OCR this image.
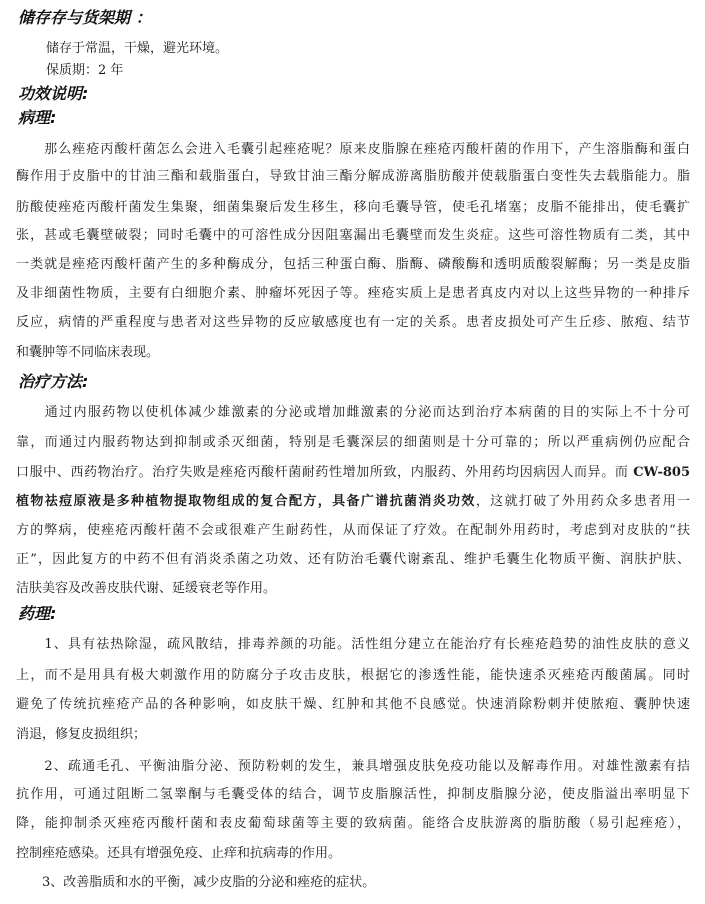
储存存与货架期 ：

储存于常温，干燥，避光环境。

保质期：2 年

功效说明:
病理:

　　那么痤疮丙酸杆菌怎么会进入毛囊引起痤疮呢？原来皮脂腺在痤疮丙酸杆菌的作用下，产生溶脂酶和蛋白

酶作用于皮脂中的甘油三酯和载脂蛋白，导致甘油三酯分解成游离脂肪酸并使载脂蛋白变性失去载脂能力。脂

肪酸使痤疮丙酸杆菌发生集聚，细菌集聚后发生移生，移向毛囊导管，使毛孔堵塞；皮脂不能排出，使毛囊扩

张，甚或毛囊壁破裂；同时毛囊中的可溶性成分因阻塞漏出毛囊壁而发生炎症。这些可溶性物质有二类，其中

一类就是痤疮丙酸杆菌产生的多种酶成分，包括三种蛋白酶、脂酶、磷酸酶和透明质酸裂解酶；另一类是皮脂

及非细菌性物质，主要有白细胞介素、肿瘤坏死因子等。痤疮实质上是患者真皮内对以上这些异物的一种排斥

反应，病情的严重程度与患者对这些异物的反应敏感度也有一定的关系。患者皮损处可产生丘疹、脓疱、结节

和囊肿等不同临床表现。

治疗方法:

　　通过内服药物以使机体减少雄激素的分泌或增加雌激素的分泌而达到治疗本病菌的目的实际上不十分可

靠，而通过内服药物达到抑制或杀灭细菌，特别是毛囊深层的细菌则是十分可靠的；所以严重病例仍应配合

口服中、西药物治疗。治疗失败是痤疮丙酸杆菌耐药性增加所致，内服药、外用药均因病因人而异。而 CW-805

植物祛痘原液是多种植物提取物组成的复合配方，具备广谱抗菌消炎功效，这就打破了外用药众多患者用一

方的弊病，使痤疮丙酸杆菌不会或很难产生耐药性，从而保证了疗效。在配制外用药时，考虑到对皮肤的“扶

正”，因此复方的中药不但有消炎杀菌之功效、还有防治毛囊代谢紊乱、维护毛囊生化物质平衡、润肤护肤、

洁肤美容及改善皮肤代谢、延缓衰老等作用。

药理:

　　1、具有祛热除湿，疏风散结，排毒养颜的功能。活性组分建立在能治疗有长痤疮趋势的油性皮肤的意义

上，而不是用具有极大刺激作用的防腐分子攻击皮肤，根据它的渗透性能，能快速杀灭痤疮丙酸菌属。同时

避免了传统抗痤疮产品的各种影响，如皮肤干燥、红肿和其他不良感觉。快速消除粉刺并使脓疱、囊肿快速

消退，修复皮损组织；

　　2、疏通毛孔、平衡油脂分泌、预防粉刺的发生，兼具增强皮肤免疫功能以及解毒作用。对雄性激素有拮

抗作用，可通过阻断二氢睾酮与毛囊受体的结合，调节皮脂腺活性，抑制皮脂腺分泌，使皮脂溢出率明显下

降，能抑制杀灭痤疮丙酸杆菌和表皮葡萄球菌等主要的致病菌。能络合皮肤游离的脂肪酸（易引起痤疮），

控制痤疮感染。还具有增强免疫、止痒和抗病毒的作用。

　　3、改善脂质和水的平衡，减少皮脂的分泌和痤疮的症状。
